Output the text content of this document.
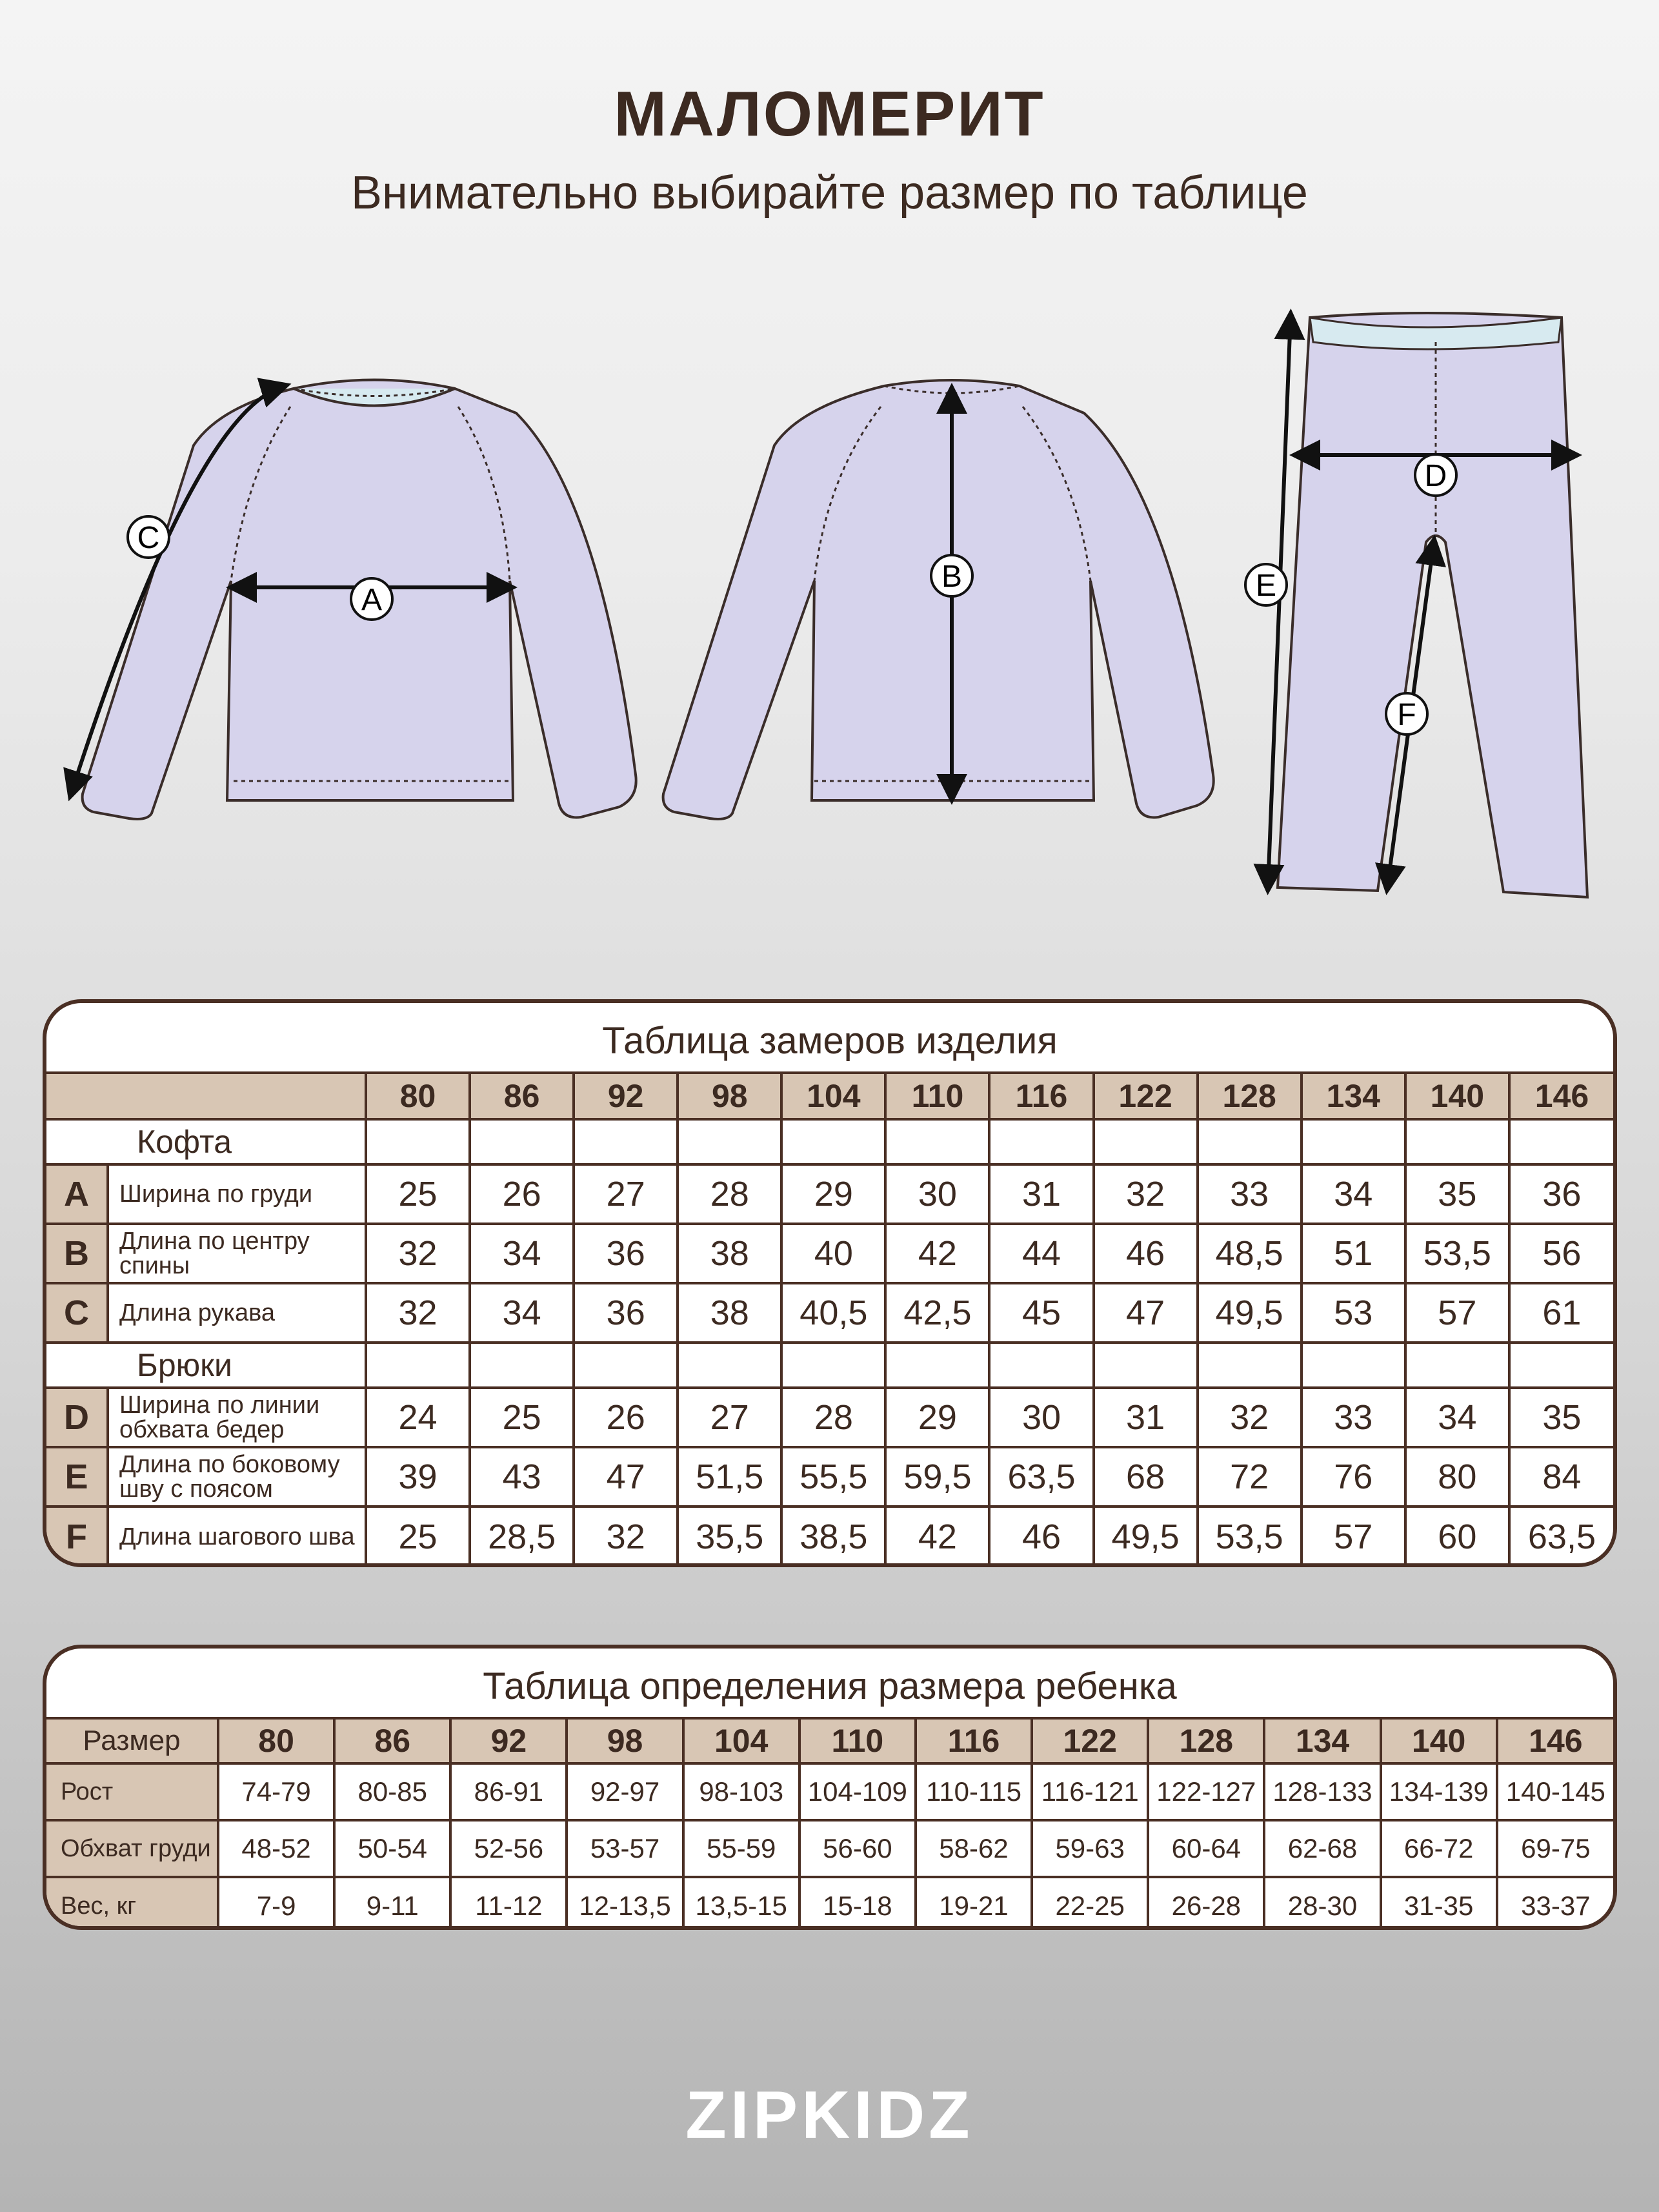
МАЛОМЕРИТ
Внимательно выбирайте размер по таблице
A
C
B
D
E
F
Таблица замеров изделия
		80	86	92	98	104	110	116	122	128	134	140	146
Кофта													
A	Ширина по груди	25	26	27	28	29	30	31	32	33	34	35	36
B	Длина по центру спины	32	34	36	38	40	42	44	46	48,5	51	53,5	56
C	Длина рукава	32	34	36	38	40,5	42,5	45	47	49,5	53	57	61
Брюки													
D	Ширина по линии обхвата бедер	24	25	26	27	28	29	30	31	32	33	34	35
E	Длина по боковому шву с поясом	39	43	47	51,5	55,5	59,5	63,5	68	72	76	80	84
F	Длина шагового шва	25	28,5	32	35,5	38,5	42	46	49,5	53,5	57	60	63,5
Таблица определения размера ребенка
Размер	80	86	92	98	104	110	116	122	128	134	140	146
Рост	74-79	80-85	86-91	92-97	98-103	104-109	110-115	116-121	122-127	128-133	134-139	140-145
Обхват груди	48-52	50-54	52-56	53-57	55-59	56-60	58-62	59-63	60-64	62-68	66-72	69-75
Вес, кг	7-9	9-11	11-12	12-13,5	13,5-15	15-18	19-21	22-25	26-28	28-30	31-35	33-37
ZIPKIDZ
